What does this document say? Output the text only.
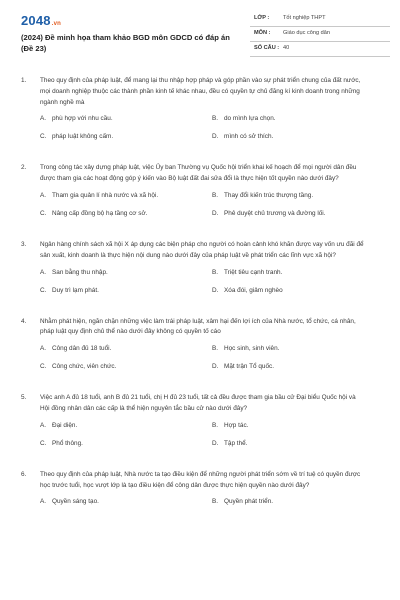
2048.vn
(2024) Đề minh họa tham khảo BGD môn GDCD có đáp án (Đề 23)
LỚP : Tốt nghiệp THPT
MÔN : Giáo dục công dân
SỐ CÂU : 40
1. Theo quy định của pháp luật, để mang lại thu nhập hợp pháp và góp phần vào sự phát triển chung của đất nước, mọi doanh nghiệp thuộc các thành phần kinh tế khác nhau, đều có quyền tự chủ đăng kí kinh doanh trong những ngành nghề mà
A. phù hợp với nhu cầu.	B. do mình lựa chọn.
C. pháp luật không cấm.	D. mình có sở thích.
2. Trong công tác xây dựng pháp luật, việc Ủy ban Thường vụ Quốc hội triển khai kế hoạch để mọi người dân đều được tham gia các hoạt động góp ý kiến vào Bộ luật đất đai sửa đổi là thực hiện tốt quyền nào dưới đây?
A. Tham gia quản lí nhà nước và xã hội.	B. Thay đổi kiến trúc thượng tầng.
C. Nâng cấp đồng bộ hạ tầng cơ sở.	D. Phê duyệt chủ trương và đường lối.
3. Ngân hàng chính sách xã hội X áp dụng các biện pháp cho người có hoàn cảnh khó khăn được vay vốn ưu đãi để sản xuất, kinh doanh là thực hiện nội dung nào dưới đây của pháp luật về phát triển các lĩnh vực xã hội?
A. San bằng thu nhập.	B. Triệt tiêu cạnh tranh.
C. Duy trì lạm phát.	D. Xóa đói, giảm nghèo
4. Nhằm phát hiện, ngăn chặn những việc làm trái pháp luật, xâm hại đến lợi ích của Nhà nước, tổ chức, cá nhân, pháp luật quy định chủ thể nào dưới đây không có quyền tố cáo
A. Công dân đủ 18 tuổi.	B. Học sinh, sinh viên.
C. Công chức, viên chức.	D. Mặt trận Tổ quốc.
5. Việc anh A đủ 18 tuổi, anh B đủ 21 tuổi, chị H đủ 23 tuổi, tất cả đều được tham gia bầu cử Đại biểu Quốc hội và Hội đồng nhân dân các cấp là thể hiện nguyên tắc bầu cử nào dưới đây?
A. Đại diện.	B. Hợp tác.
C. Phổ thông.	D. Tập thể.
6. Theo quy định của pháp luật, Nhà nước ta tạo điều kiện để những người phát triển sớm về trí tuệ có quyền được học trước tuổi, học vượt lớp là tạo điều kiện để công dân được thực hiện quyền nào dưới đây?
A. Quyền sáng tạo.	B. Quyền phát triển.
